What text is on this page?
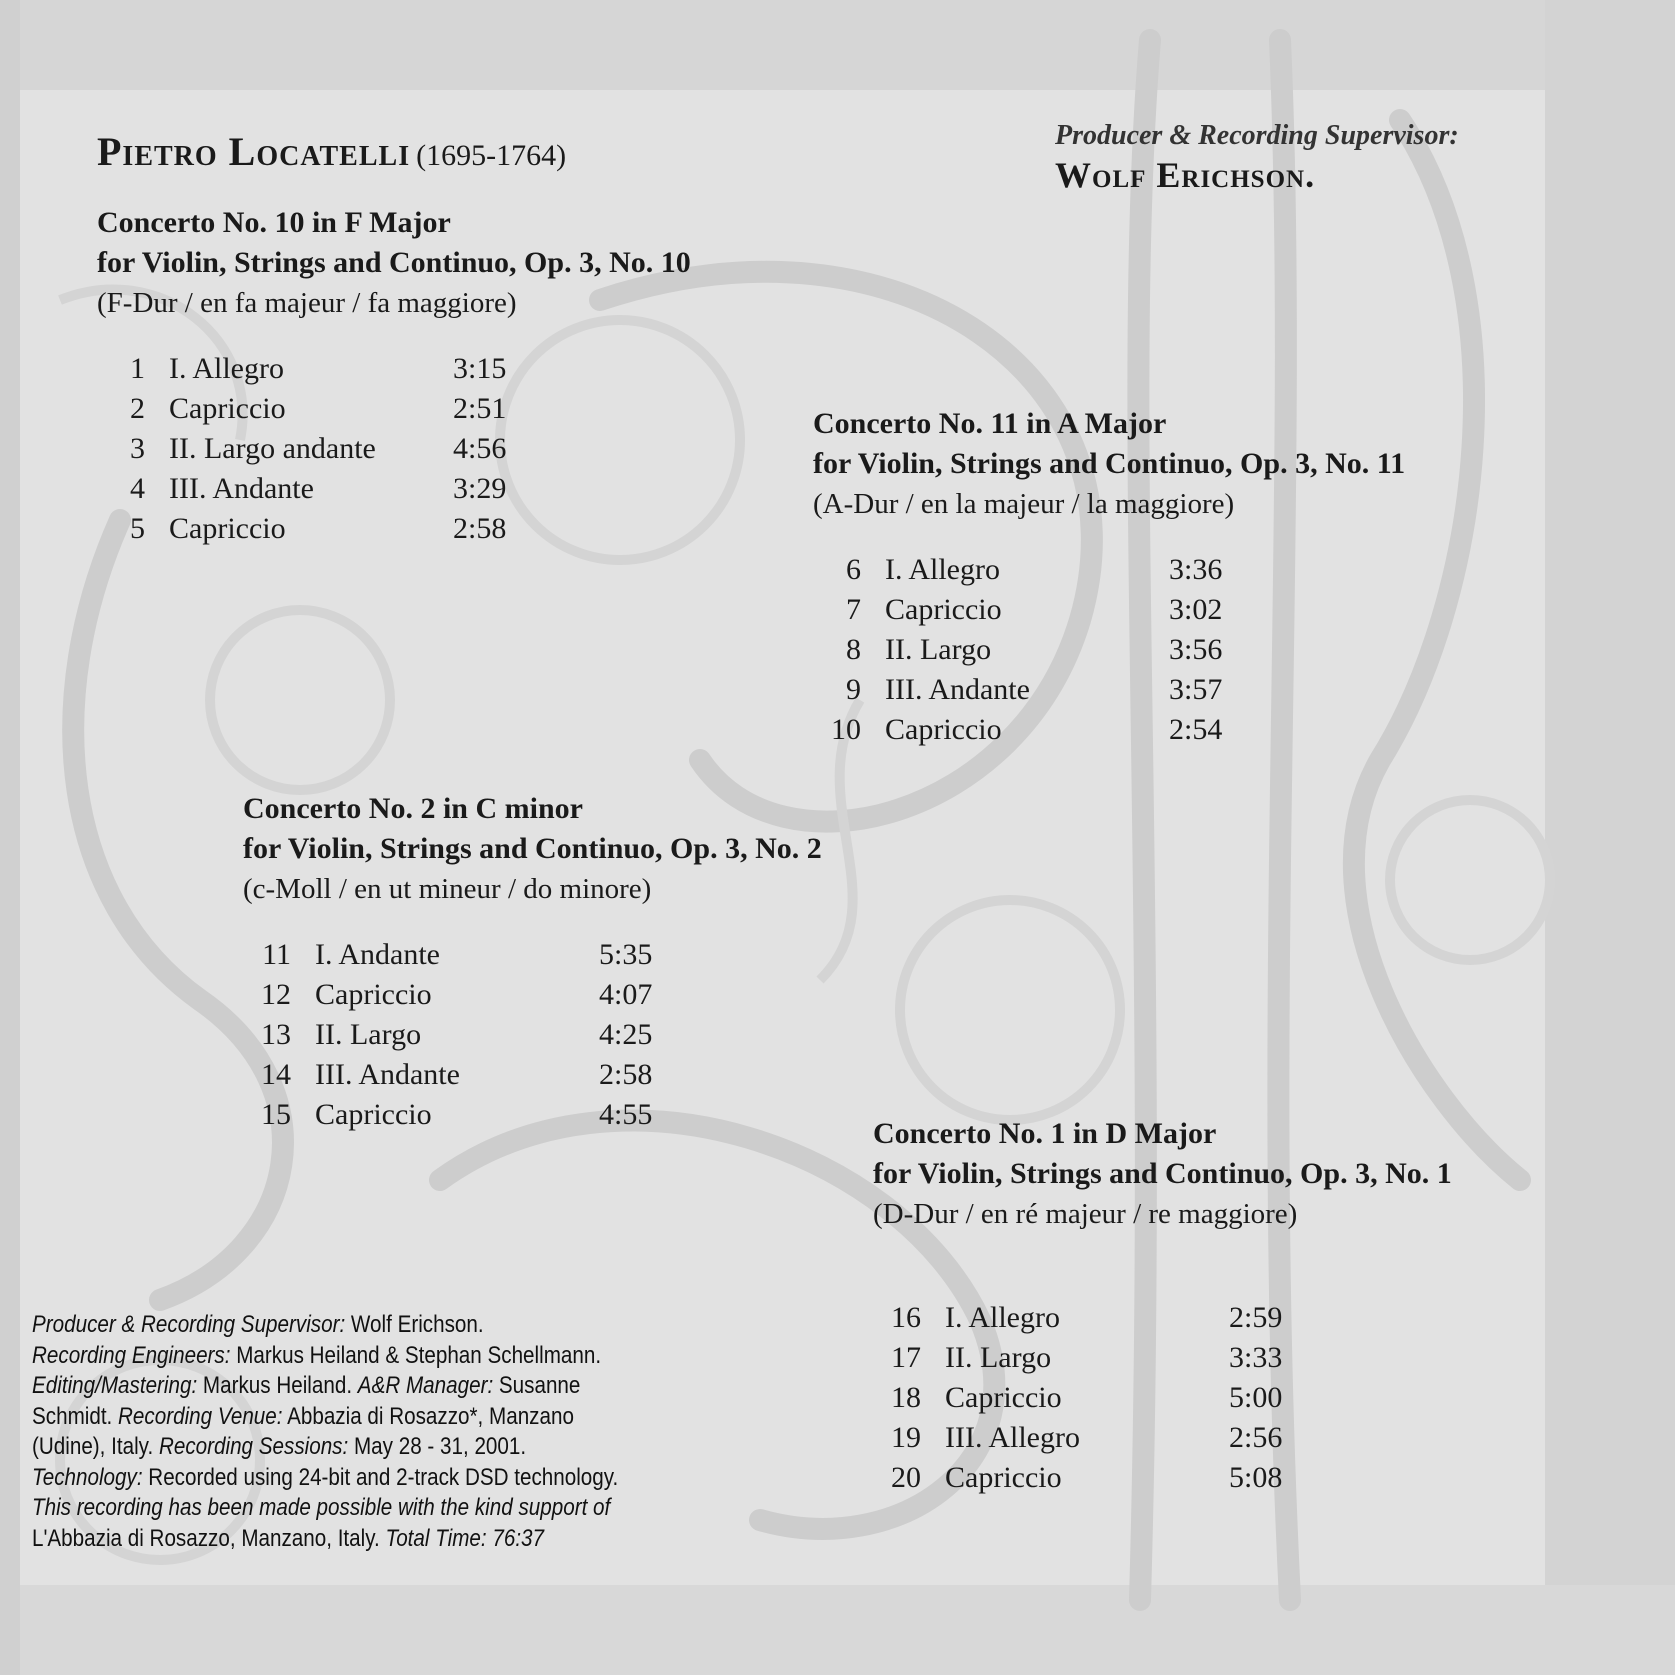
Pietro Locatelli (1695-1764)
Producer & Recording Supervisor:
Wolf Erichson.
Concerto No. 10 in F Major
for Violin, Strings and Continuo, Op. 3, No. 10
(F-Dur / en fa majeur / fa maggiore)
1 I. Allegro	3:15
2 Capriccio	2:51
3 II. Largo andante	4:56
4 III. Andante	3:29
5 Capriccio	2:58
Concerto No. 11 in A Major
for Violin, Strings and Continuo, Op. 3, No. 11
(A-Dur / en la majeur / la maggiore)
6 I. Allegro	3:36
7 Capriccio	3:02
8 II. Largo	3:56
9 III. Andante	3:57
10 Capriccio	2:54
Concerto No. 2 in C minor
for Violin, Strings and Continuo, Op. 3, No. 2
(c-Moll / en ut mineur / do minore)
11 I. Andante	5:35
12 Capriccio	4:07
13 II. Largo	4:25
14 III. Andante	2:58
15 Capriccio	4:55
Concerto No. 1 in D Major
for Violin, Strings and Continuo, Op. 3, No. 1
(D-Dur / en ré majeur / re maggiore)
16 I. Allegro	2:59
17 II. Largo	3:33
18 Capriccio	5:00
19 III. Allegro	2:56
20 Capriccio	5:08
Producer & Recording Supervisor: Wolf Erichson.
Recording Engineers: Markus Heiland & Stephan Schellmann.
Editing/Mastering: Markus Heiland. A&R Manager: Susanne Schmidt. Recording Venue: Abbazia di Rosazzo*, Manzano (Udine), Italy. Recording Sessions: May 28 - 31, 2001.
Technology: Recorded using 24-bit and 2-track DSD technology.
This recording has been made possible with the kind support of L'Abbazia di Rosazzo, Manzano, Italy. Total Time: 76:37
